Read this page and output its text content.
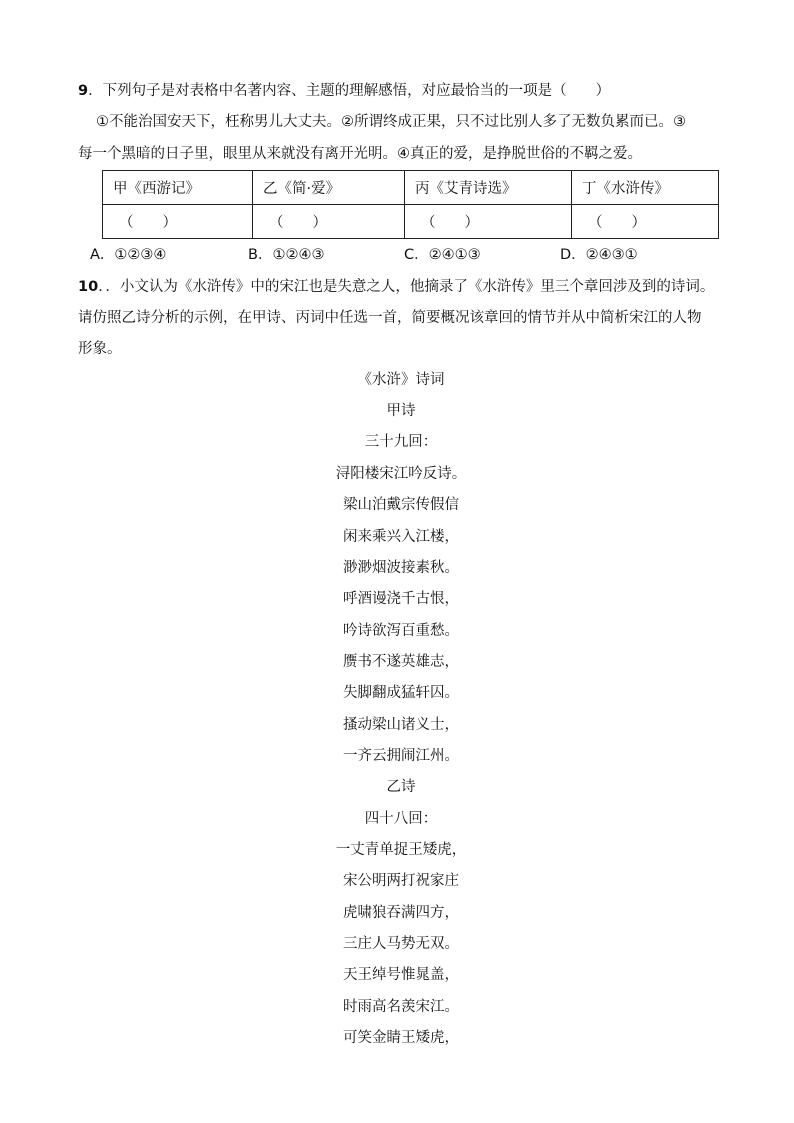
9．下列句子是对表格中名著内容、主题的理解感悟，对应最恰当的一项是（　　）
①不能治国安天下，枉称男儿大丈夫。②所谓终成正果，只不过比别人多了无数负累而已。③
每一个黑暗的日子里，眼里从来就没有离开光明。④真正的爱，是挣脱世俗的不羁之爱。
甲《西游记》	乙《简·爱》	丙《艾青诗选》	丁《水浒传》
（　　）	（　　）	（　　）	（　　）
A．①②③④	B．①②④③	C．②④①③	D．②④③①
10．．小文认为《水浒传》中的宋江也是失意之人，他摘录了《水浒传》里三个章回涉及到的诗词。
请仿照乙诗分析的示例，在甲诗、丙词中任选一首，简要概况该章回的情节并从中简析宋江的人物
形象。
《水浒》诗词
甲诗
三十九回：
浔阳楼宋江吟反诗。
梁山泊戴宗传假信
闲来乘兴入江楼，
渺渺烟波接素秋。
呼酒谩浇千古恨，
吟诗欲泻百重愁。
赝书不遂英雄志，
失脚翻成猛轩囚。
搔动梁山诸义士，
一齐云拥闹江州。
乙诗
四十八回：
一丈青单捉王矮虎，
宋公明两打祝家庄
虎啸狼吞满四方，
三庄人马势无双。
天王绰号惟晁盖，
时雨高名羡宋江。
可笑金睛王矮虎，
